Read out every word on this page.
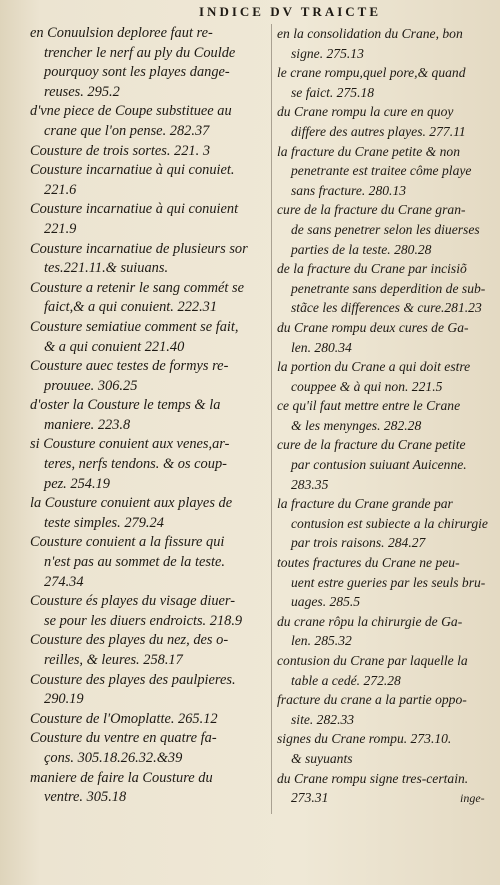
INDICE DV TRAICTE
en Conuulsion deploree faut re-
trencher le nerf au ply du Coulde
pourquoy sont les playes dange-
reuses. 295.2
d'vne piece de Coupe substituee au
crane que l'on pense. 282.37
Cousture de trois sortes. 221. 3
Cousture incarnatiue à qui conuiet.
221.6
Cousture incarnatiue à qui conuient
221.9
Cousture incarnatiue de plusieurs sor
tes.221.11.& suiuans.
Cousture a retenir le sang commét se
faict,& a qui conuient. 222.31
Cousture semiatiue comment se fait,
& a qui conuient 221.40
Cousture auec testes de formys re-
prouuee. 306.25
d'oster la Cousture le temps & la
maniere. 223.8
si Cousture conuient aux venes,ar-
teres, nerfs tendons. & os coup-
pez. 254.19
la Cousture conuient aux playes de
teste simples. 279.24
Cousture conuient a la fissure qui
n'est pas au sommet de la teste.
274.34
Cousture és playes du visage diuer-
se pour les diuers endroicts. 218.9
Cousture des playes du nez, des o-
reilles, & leures. 258.17
Cousture des playes des paulpieres.
290.19
Cousture de l'Omoplatte. 265.12
Cousture du ventre en quatre fa-
çons. 305.18.26.32.&39
maniere de faire la Cousture du
ventre. 305.18
en la consolidation du Crane, bon
signe. 275.13
le crane rompu,quel pore,& quand
se faict. 275.18
du Crane rompu la cure en quoy
differe des autres playes. 277.11
la fracture du Crane petite & non
penetrante est traitee côme playe
sans fracture. 280.13
cure de la fracture du Crane gran-
de sans penetrer selon les diuerses
parties de la teste. 280.28
de la fracture du Crane par incisiõ
penetrante sans deperdition de sub-
stãce les differences & cure.281.23
du Crane rompu deux cures de Ga-
len. 280.34
la portion du Crane a qui doit estre
couppee & à qui non. 221.5
ce qu'il faut mettre entre le Crane
& les menynges. 282.28
cure de la fracture du Crane petite
par contusion suiuant Auicenne.
283.35
la fracture du Crane grande par
contusion est subiecte a la chirurgie
par trois raisons. 284.27
toutes fractures du Crane ne peu-
uent estre gueries par les seuls bru-
uages. 285.5
du crane rôpu la chirurgie de Ga-
len. 285.32
contusion du Crane par laquelle la
table a cedé. 272.28
fracture du crane a la partie oppo-
site. 282.33
signes du Crane rompu. 273.10.
& suyuants
du Crane rompu signe tres-certain.
273.31	inge-
